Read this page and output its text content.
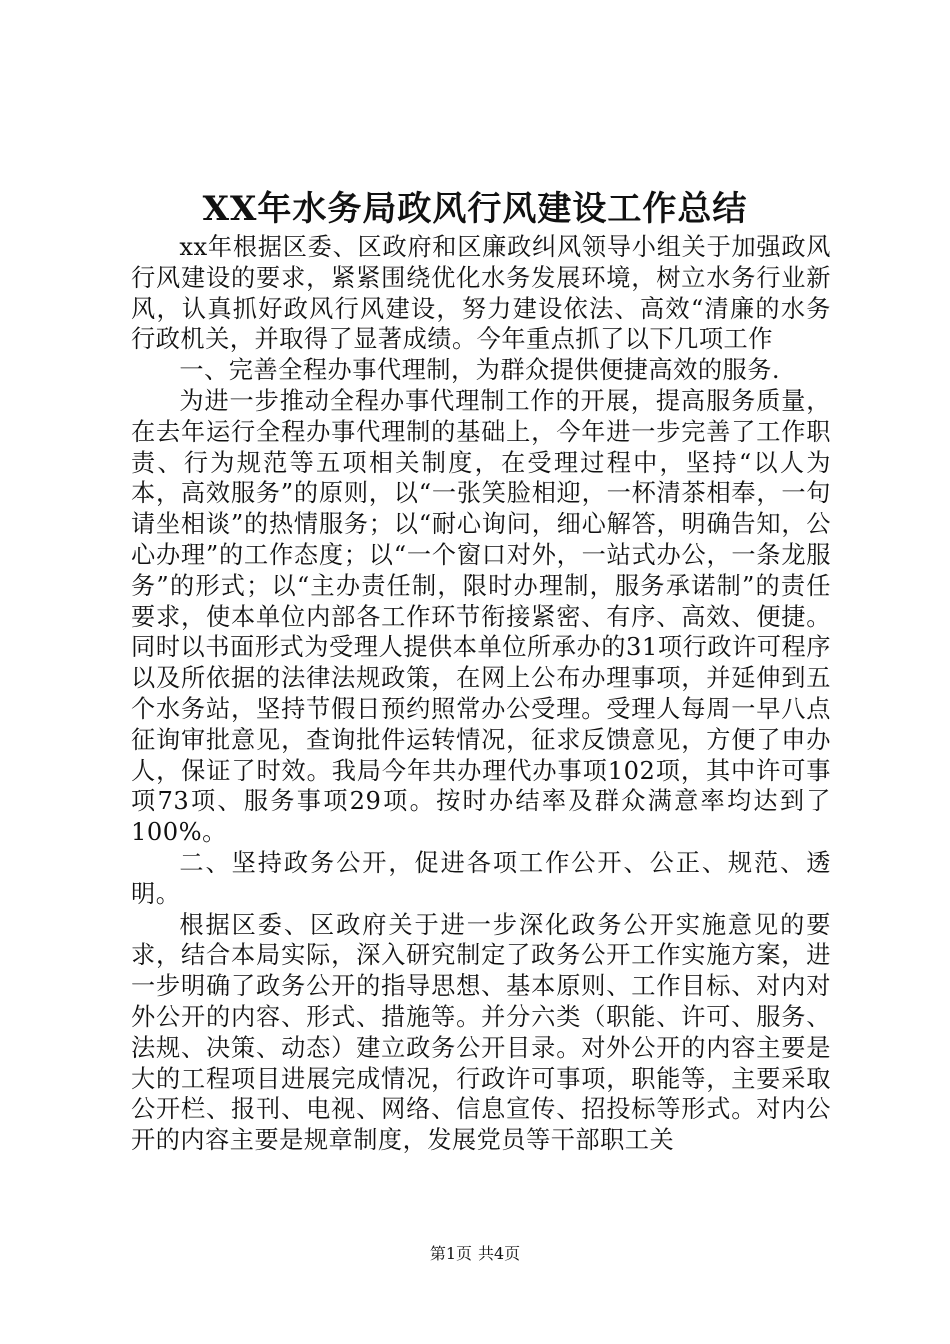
XX年水务局政风行风建设工作总结

xx年根据区委、区政府和区廉政纠风领导小组关于加强政风行风建设的要求，紧紧围绕优化水务发展环境，树立水务行业新风，认真抓好政风行风建设，努力建设依法、高效“清廉的水务行政机关，并取得了显著成绩。今年重点抓了以下几项工作

一、完善全程办事代理制，为群众提供便捷高效的服务.

为进一步推动全程办事代理制工作的开展，提高服务质量，在去年运行全程办事代理制的基础上，今年进一步完善了工作职责、行为规范等五项相关制度，在受理过程中，坚持“以人为本，高效服务”的原则，以“一张笑脸相迎，一杯清茶相奉，一句请坐相谈”的热情服务；以“耐心询问，细心解答，明确告知，公心办理”的工作态度；以“一个窗口对外，一站式办公，一条龙服务”的形式；以“主办责任制，限时办理制，服务承诺制”的责任要求，使本单位内部各工作环节衔接紧密、有序、高效、便捷。同时以书面形式为受理人提供本单位所承办的31项行政许可程序以及所依据的法律法规政策，在网上公布办理事项，并延伸到五个水务站，坚持节假日预约照常办公受理。受理人每周一早八点征询审批意见，查询批件运转情况，征求反馈意见，方便了申办人，保证了时效。我局今年共办理代办事项102项，其中许可事项73项、服务事项29项。按时办结率及群众满意率均达到了100%。

二、坚持政务公开，促进各项工作公开、公正、规范、透明。

根据区委、区政府关于进一步深化政务公开实施意见的要求，结合本局实际，深入研究制定了政务公开工作实施方案，进一步明确了政务公开的指导思想、基本原则、工作目标、对内对外公开的内容、形式、措施等。并分六类（职能、许可、服务、法规、决策、动态）建立政务公开目录。对外公开的内容主要是大的工程项目进展完成情况，行政许可事项，职能等，主要采取公开栏、报刊、电视、网络、信息宣传、招投标等形式。对内公开的内容主要是规章制度，发展党员等干部职工关

第1页 共4页
